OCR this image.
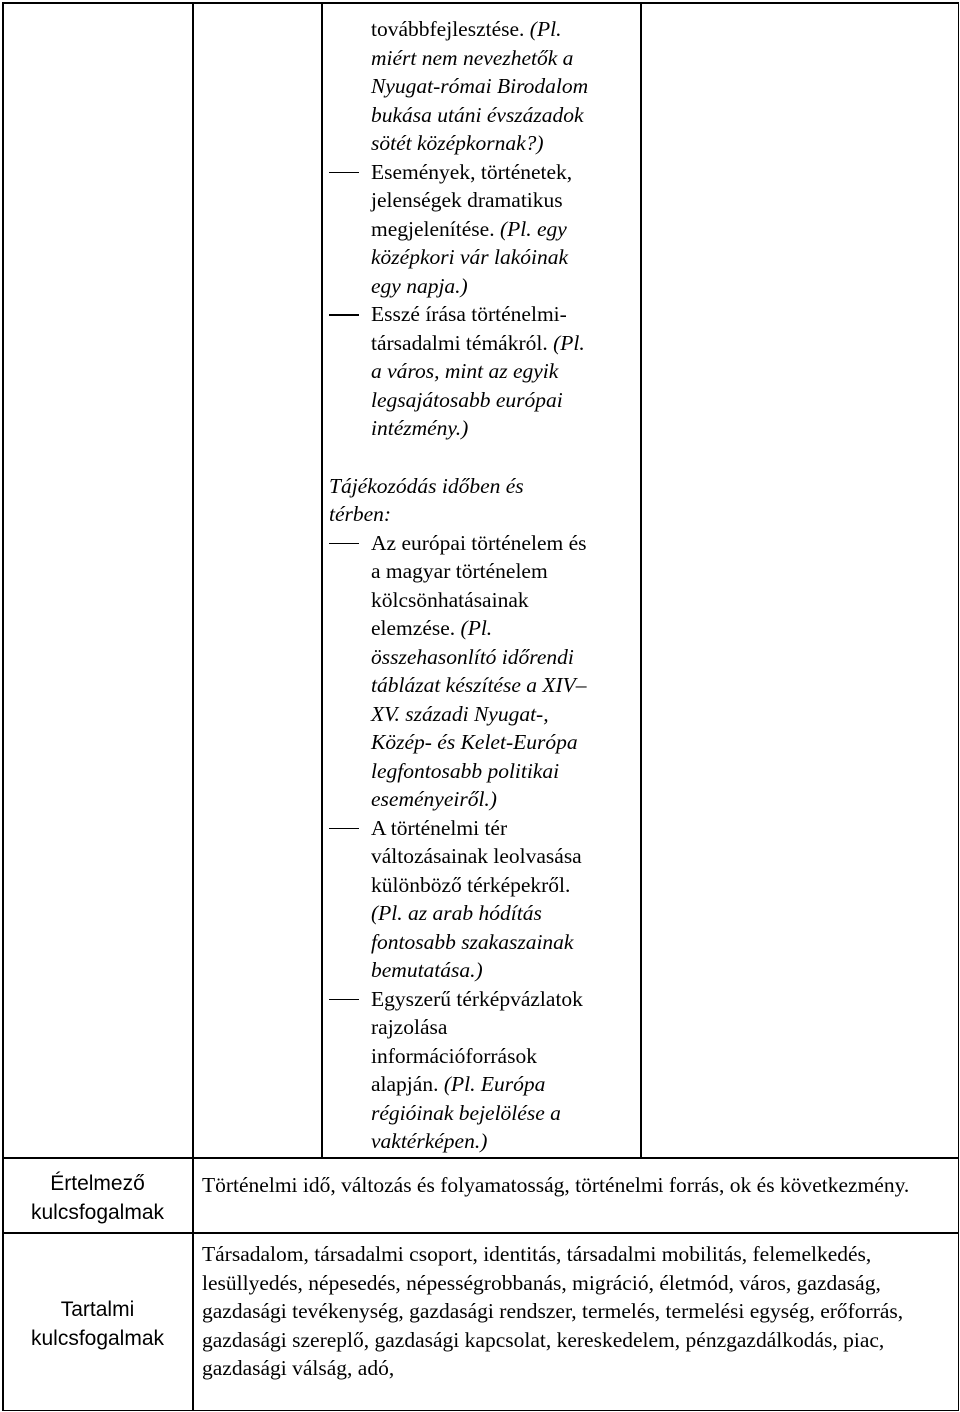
továbbfejlesztése. (Pl.
miért nem nevezhetők a
Nyugat-római Birodalom
bukása utáni évszázadok
sötét középkornak?)
Események, történetek,
jelenségek dramatikus
megjelenítése. (Pl. egy
középkori vár lakóinak
egy napja.)
Esszé írása történelmi-
társadalmi témákról. (Pl.
a város, mint az egyik
legsajátosabb európai
intézmény.)
Tájékozódás időben és
térben:
Az európai történelem és
a magyar történelem
kölcsönhatásainak
elemzése. (Pl.
összehasonlító időrendi
táblázat készítése a XIV–
XV. századi Nyugat-,
Közép- és Kelet-Európa
legfontosabb politikai
eseményeiről.)
A történelmi tér
változásainak leolvasása
különböző térképekről.
(Pl. az arab hódítás
fontosabb szakaszainak
bemutatása.)
Egyszerű térképvázlatok
rajzolása
információforrások
alapján. (Pl. Európa
régióinak bejelölése a
vaktérképen.)
Értelmező
kulcsfogalmak
Történelmi idő, változás és folyamatosság, történelmi forrás, ok és következmény.
Tartalmi
kulcsfogalmak
Társadalom, társadalmi csoport, identitás, társadalmi mobilitás, felemelkedés, lesüllyedés, népesedés, népességrobbanás, migráció, életmód, város, gazdaság, gazdasági tevékenység, gazdasági rendszer, termelés, termelési egység, erőforrás, gazdasági szereplő, gazdasági kapcsolat, kereskedelem, pénzgazdálkodás, piac, gazdasági válság, adó,
